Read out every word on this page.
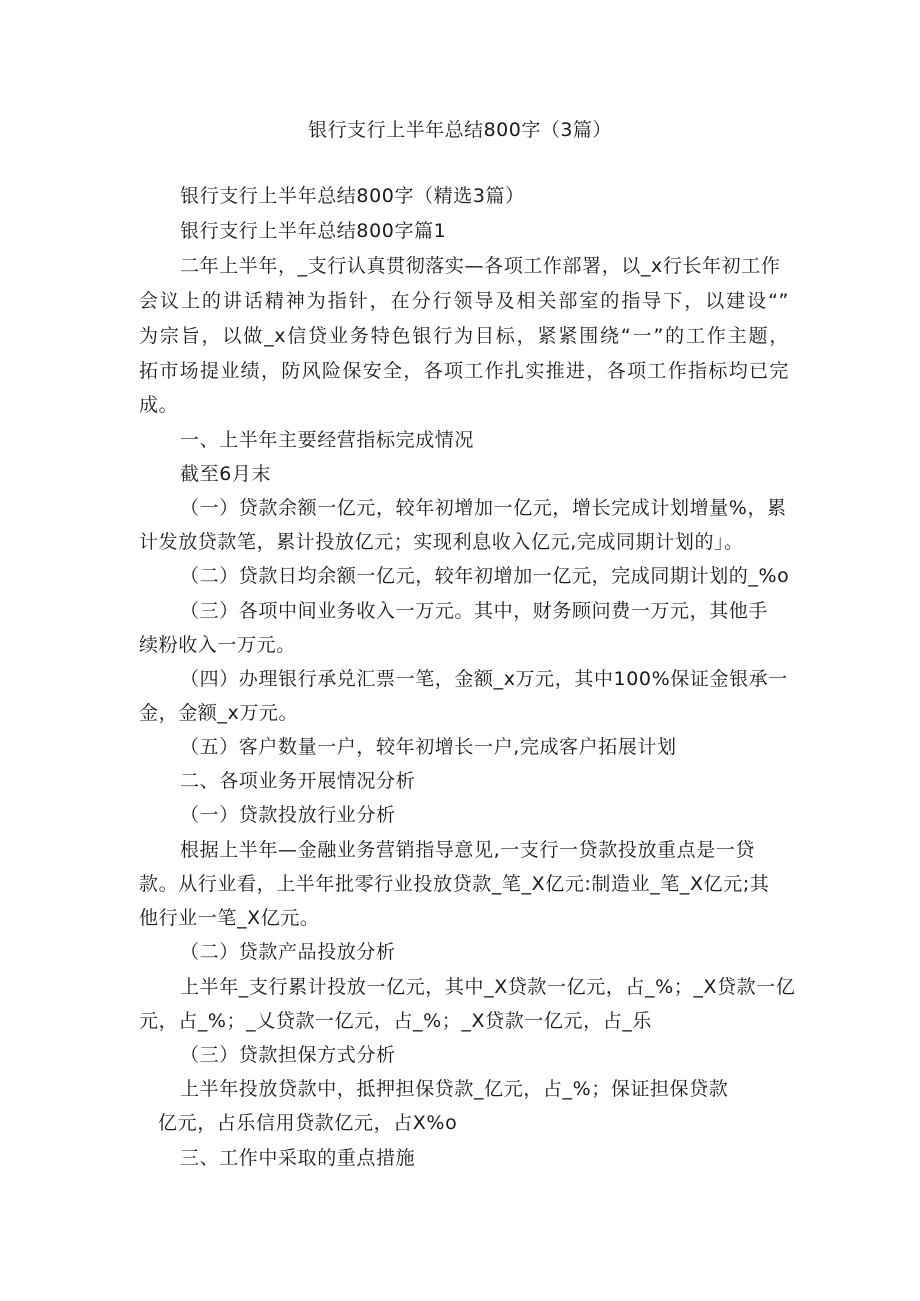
银行支行上半年总结800字（3篇）
银行支行上半年总结800字（精选3篇）
银行支行上半年总结800字篇1
二年上半年，_支行认真贯彻落实—各项工作部署，以_x行长年初工作
会议上的讲话精神为指针，在分行领导及相关部室的指导下，以建设“”
为宗旨，以做_x信贷业务特色银行为目标，紧紧围绕“一”的工作主题，
拓市场提业绩，防风险保安全，各项工作扎实推进，各项工作指标均已完
成。
一、上半年主要经营指标完成情况
截至6月末
（一）贷款余额一亿元，较年初增加一亿元，增长完成计划增量%，累
计发放贷款笔，累计投放亿元；实现利息收入亿元,完成同期计划的」。
（二）贷款日均余额一亿元，较年初增加一亿元，完成同期计划的_%o
（三）各项中间业务收入一万元。其中，财务顾问费一万元，其他手
续粉收入一万元。
（四）办理银行承兑汇票一笔，金额_x万元，其中100%保证金银承一
金，金额_x万元。
（五）客户数量一户，较年初增长一户,完成客户拓展计划
二、各项业务开展情况分析
（一）贷款投放行业分析
根据上半年—金融业务营销指导意见,一支行一贷款投放重点是一贷
款。从行业看，上半年批零行业投放贷款_笔_X亿元:制造业_笔_X亿元;其
他行业一笔_X亿元。
（二）贷款产品投放分析
上半年_支行累计投放一亿元，其中_X贷款一亿元，占_%；_X贷款一亿
元，占_%；_乂贷款一亿元，占_%；_X贷款一亿元，占_乐
（三）贷款担保方式分析
上半年投放贷款中，抵押担保贷款_亿元，占_%；保证担保贷款
亿元，占乐信用贷款亿元，占X%o
三、工作中采取的重点措施
